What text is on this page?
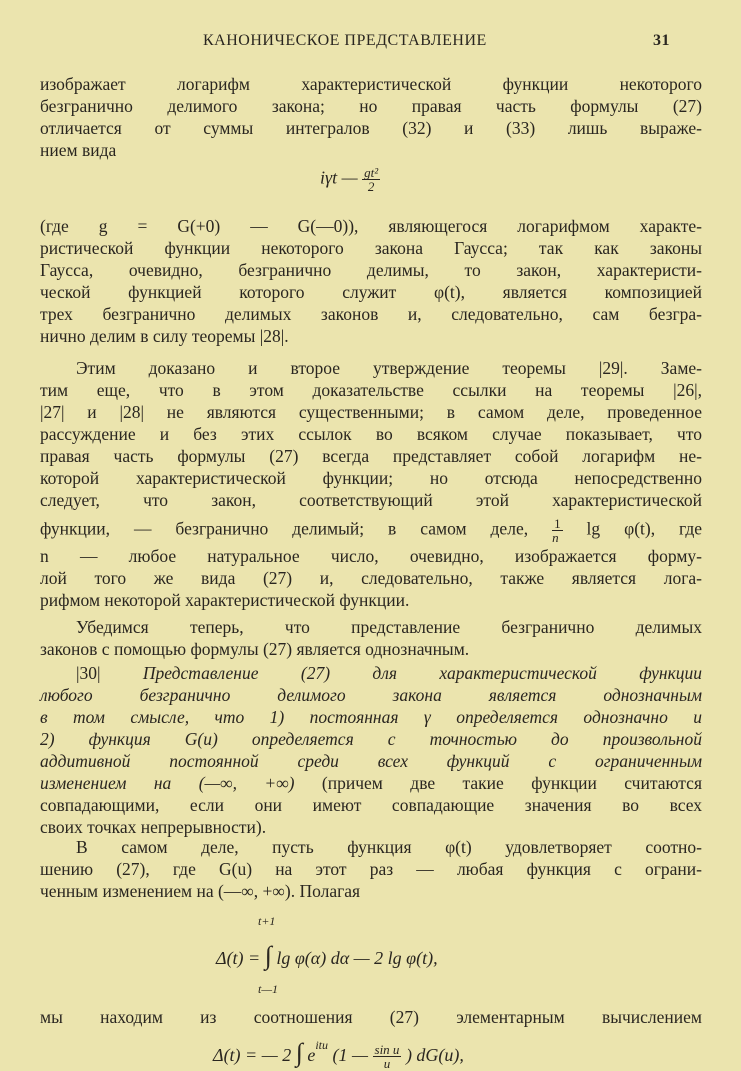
КАНОНИЧЕСКОЕ ПРЕДСТАВЛЕНИЕ	31
изображает логарифм характеристической функции некоторого
безгранично делимого закона; но правая часть формулы (27)
отличается от суммы интегралов (32) и (33) лишь выраже-
нием вида
iγt — $\frac{\text{gt²}}{2}$
(где g = G(+0) — G(—0)), являющегося логарифмом характе-
ристической функции некоторого закона Гаусса; так как законы
Гаусса, очевидно, безгранично делимы, то закон, характеристи-
ческой функцией которого служит φ(t), является композицией
трех безгранично делимых законов и, следовательно, сам безгра-
нично делим в силу теоремы |28|.
Этим доказано и второе утверждение теоремы |29|. Заме-
тим еще, что в этом доказательстве ссылки на теоремы |26|,
|27| и |28| не являются существенными; в самом деле, проведенное
рассуждение и без этих ссылок во всяком случае показывает, что
правая часть формулы (27) всегда представляет собой логарифм не-
которой характеристической функции; но отсюда непосредственно
следует, что закон, соответствующий этой характеристической
функции, — безгранично делимый; в самом деле, $\frac{1}{n}$ lg φ(t), где
n — любое натуральное число, очевидно, изображается форму-
лой того же вида (27) и, следовательно, также является лога-
рифмом некоторой характеристической функции.
Убедимся теперь, что представление безгранично делимых
законов с помощью формулы (27) является однозначным.
|30| Представление (27) для характеристической функции
любого безгранично делимого закона является однозначным
в том смысле, что 1) постоянная γ определяется однозначно и
2) функция G(u) определяется с точностью до произвольной
аддитивной постоянной среди всех функций с ограниченным
изменением на (—∞, +∞) (причем две такие функции считаются
совпадающими, если они имеют совпадающие значения во всех
своих точках непрерывности).
В самом деле, пусть функция φ(t) удовлетворяет соотно-
шению (27), где G(u) на этот раз — любая функция с ограни-
ченным изменением на (—∞, +∞). Полагая
t+1
Δ(t) = ∫ lg φ(α) dα — 2 lg φ(t),
t—1
мы находим из соотношения (27) элементарным вычислением
Δ(t) = — 2 ∫ $e^{itu}$ (1 — $\frac{\text{sin u}}{u}$ ) dG(u),
